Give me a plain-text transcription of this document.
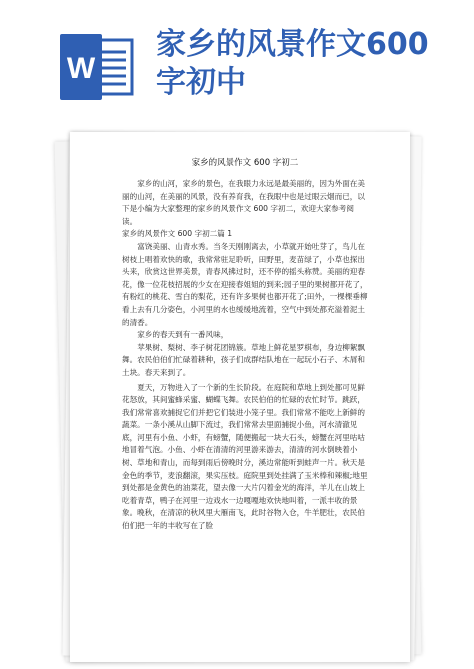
W
家乡的风景作文600字初中

家乡的风景作文 600 字初二

家乡的山河，家乡的景色，在我眼力永远是最美丽的，因为外面在美丽的山河，在美丽的风景，没有养育我，在我眼中也是过眼云烟而已，以下是小编为大家整理的家乡的风景作文 600 字初二，欢迎大家参考阅读。

家乡的风景作文 600 字初二篇 1

富饶美丽、山青水秀。当冬天刚刚离去，小草就开始吐芽了，鸟儿在树枝上唱着欢快的歌，我常常驻足聆听，田野里，麦苗绿了，小草也探出头来，欣赏这世界美景，青春风拂过时，还不停的摇头称赞。美丽的迎春花，像一位花枝招展的少女在迎接春姐姐的到来;园子里的果树都开花了，有粉红的桃花、雪白的梨花，还有许多果树也都开花了;田外，一棵棵垂柳看上去有几分姿色，小河里的水也缓缓地流着，空气中到处都充溢着泥土的清香。

家乡的春天到有一番风味，

苹果树、梨树、李子树花团锦簇。草地上鲜花星罗棋布，身边柳絮飘舞。农民伯伯们忙碌着耕种，孩子们成群结队地在一起玩小石子、木屑和土块。春天来到了。

夏天，万物进入了一个新的生长阶段。在庭院和草地上到处都可见鲜花怒放，其间蜜蜂采蜜、蝴蝶飞舞。农民伯伯的忙碌的农忙时节。跳跃，我们常常喜欢捕捉它们并把它们装进小笼子里。我们常常不能吃上新鲜的蔬菜。一条小溪从山脚下流过，我们常常去里面捕捉小鱼，河水清澈见底，河里有小鱼、小虾，有螃蟹，随便搬起一块大石头，螃蟹在河里咕咕地冒着气泡。小鱼、小虾在清清的河里游来游去，清清的河水倒映着小树、草地和青山，而每到雨后傍晚时分，溪边常能听到蛙声一片。秋天是金色的季节，麦浪翻滚，果实压枝。庭院里到处挂满了玉米棒和辣椒;地里到处都是金黄色的油菜花，望去像一大片闪着金光的海洋，羊儿在山坡上吃着青草，鸭子在河里一边戏水一边嘎嘎地欢快地叫着，一派丰收的景象。晚秋，在清凉的秋风里大雁南飞，此时谷物入仓，牛羊肥壮，农民伯伯们把一年的丰收写在了脸
